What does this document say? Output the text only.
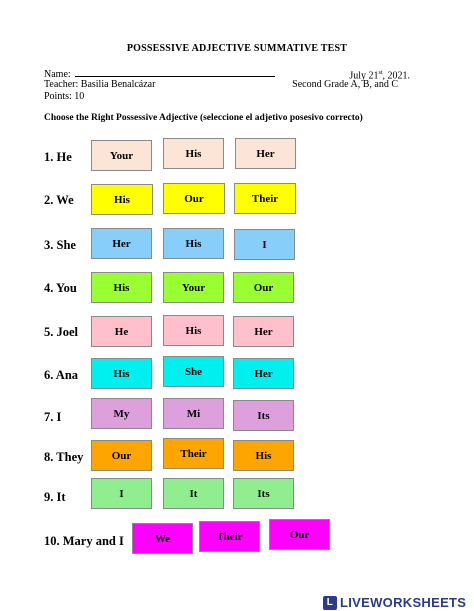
POSSESSIVE ADJECTIVE SUMMATIVE TEST
Name:	July 21st, 2021.
Teacher: Basilia Benalcázar	Second Grade A, B, and C
Points: 10
Choose the Right Possessive Adjective (seleccione el adjetivo posesivo correcto)
1. He	Your	His	Her
2. We	His	Our	Their
3. She	Her	His	I
4. You	His	Your	Our
5. Joel	He	His	Her
6. Ana	His	She	Her
7. I	My	Mi	Its
8. They	Our	Their	His
9. It	I	It	Its
10. Mary and I	We	Their	Our
L LIVEWORKSHEETS
